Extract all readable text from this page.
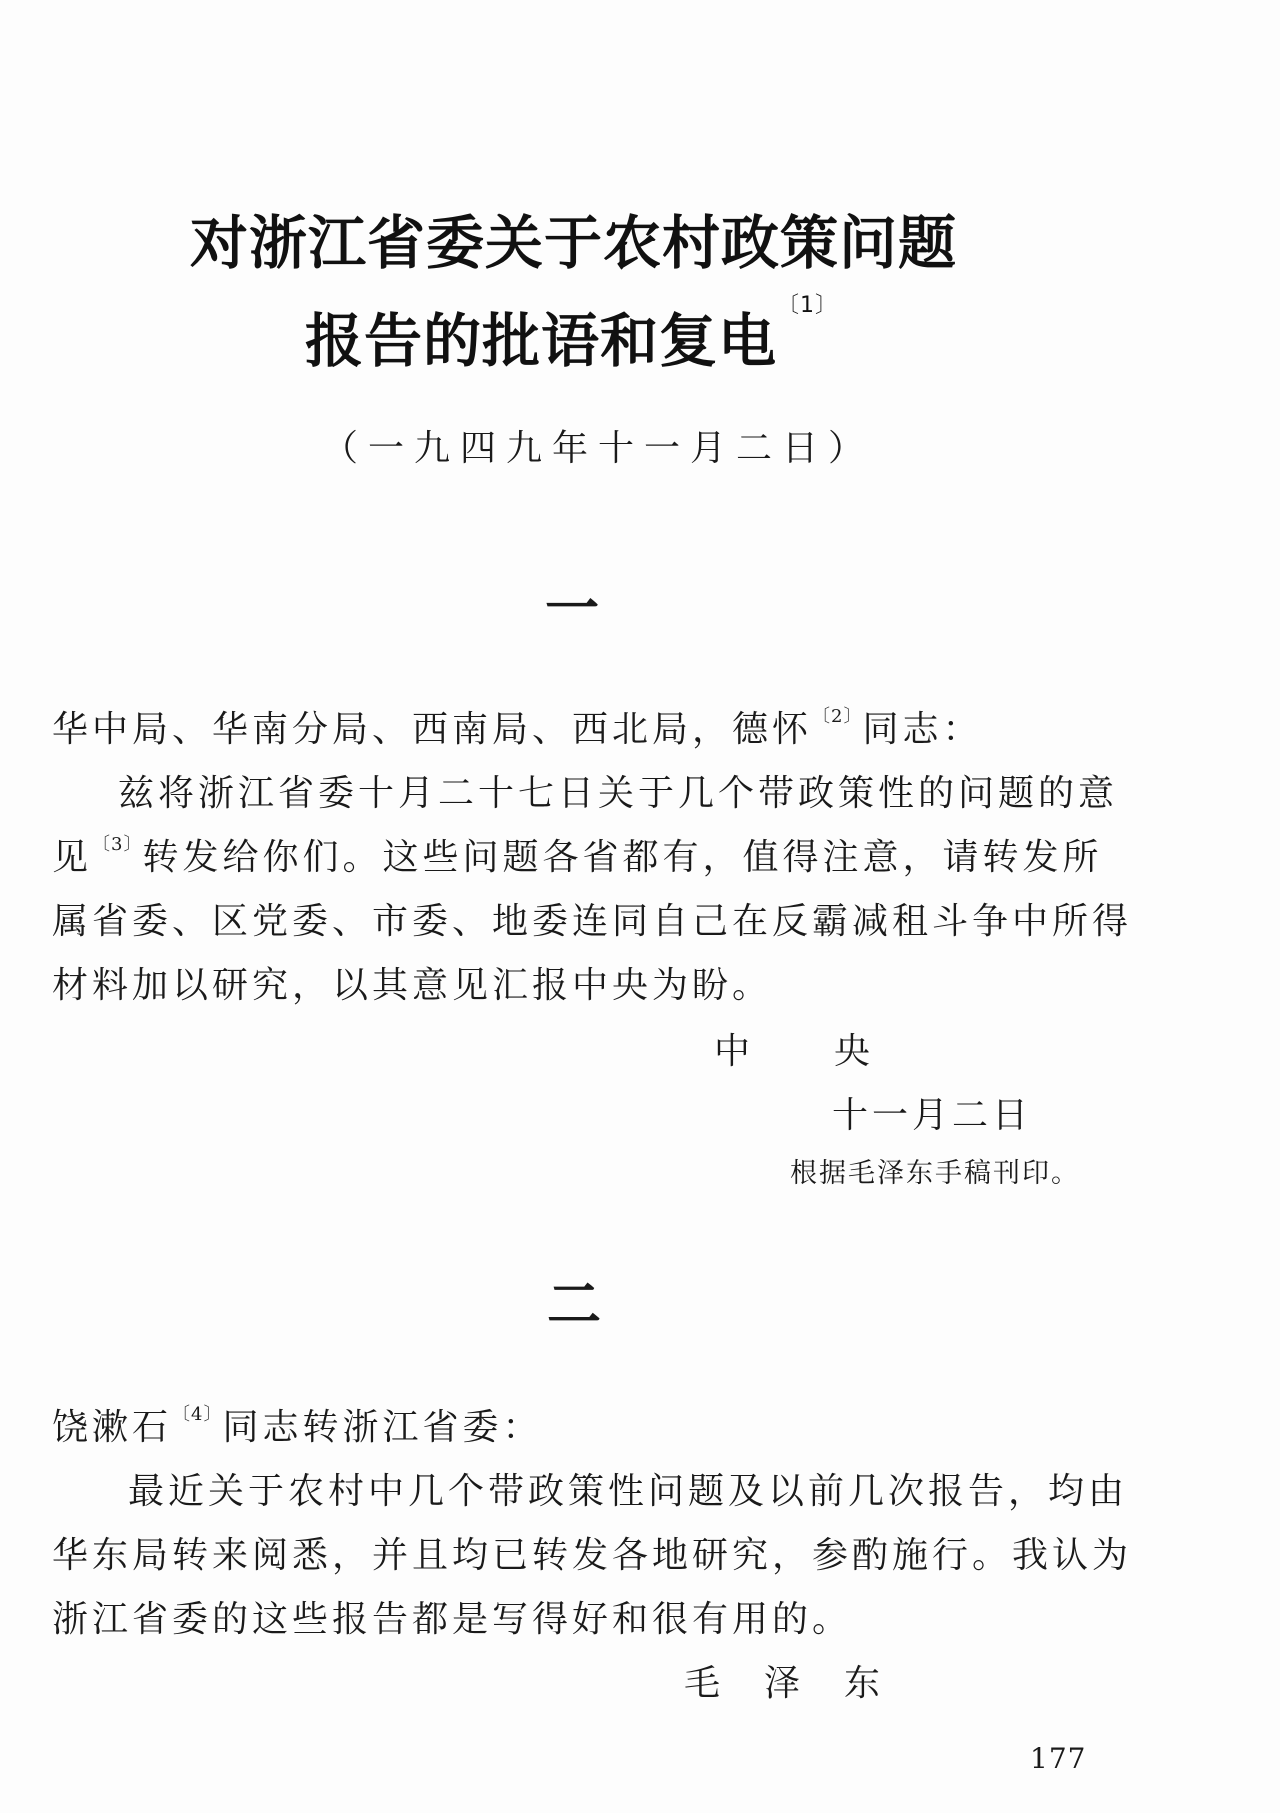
对浙江省委关于农村政策问题
报告的批语和复电$^{〔1〕}$
（一九四九年十一月二日）
一
华中局、华南分局、西南局、西北局，德怀$^{〔2〕}$同志：
兹将浙江省委十月二十七日关于几个带政策性的问题的意
见$^{〔3〕}$转发给你们。这些问题各省都有，值得注意，请转发所
属省委、区党委、市委、地委连同自己在反霸减租斗争中所得
材料加以研究，以其意见汇报中央为盼。
中　　央
十一月二日
根据毛泽东手稿刊印。
二
饶漱石$^{〔4〕}$同志转浙江省委：
最近关于农村中几个带政策性问题及以前几次报告，均由
华东局转来阅悉，并且均已转发各地研究，参酌施行。我认为
浙江省委的这些报告都是写得好和很有用的。
毛　泽　东
177
